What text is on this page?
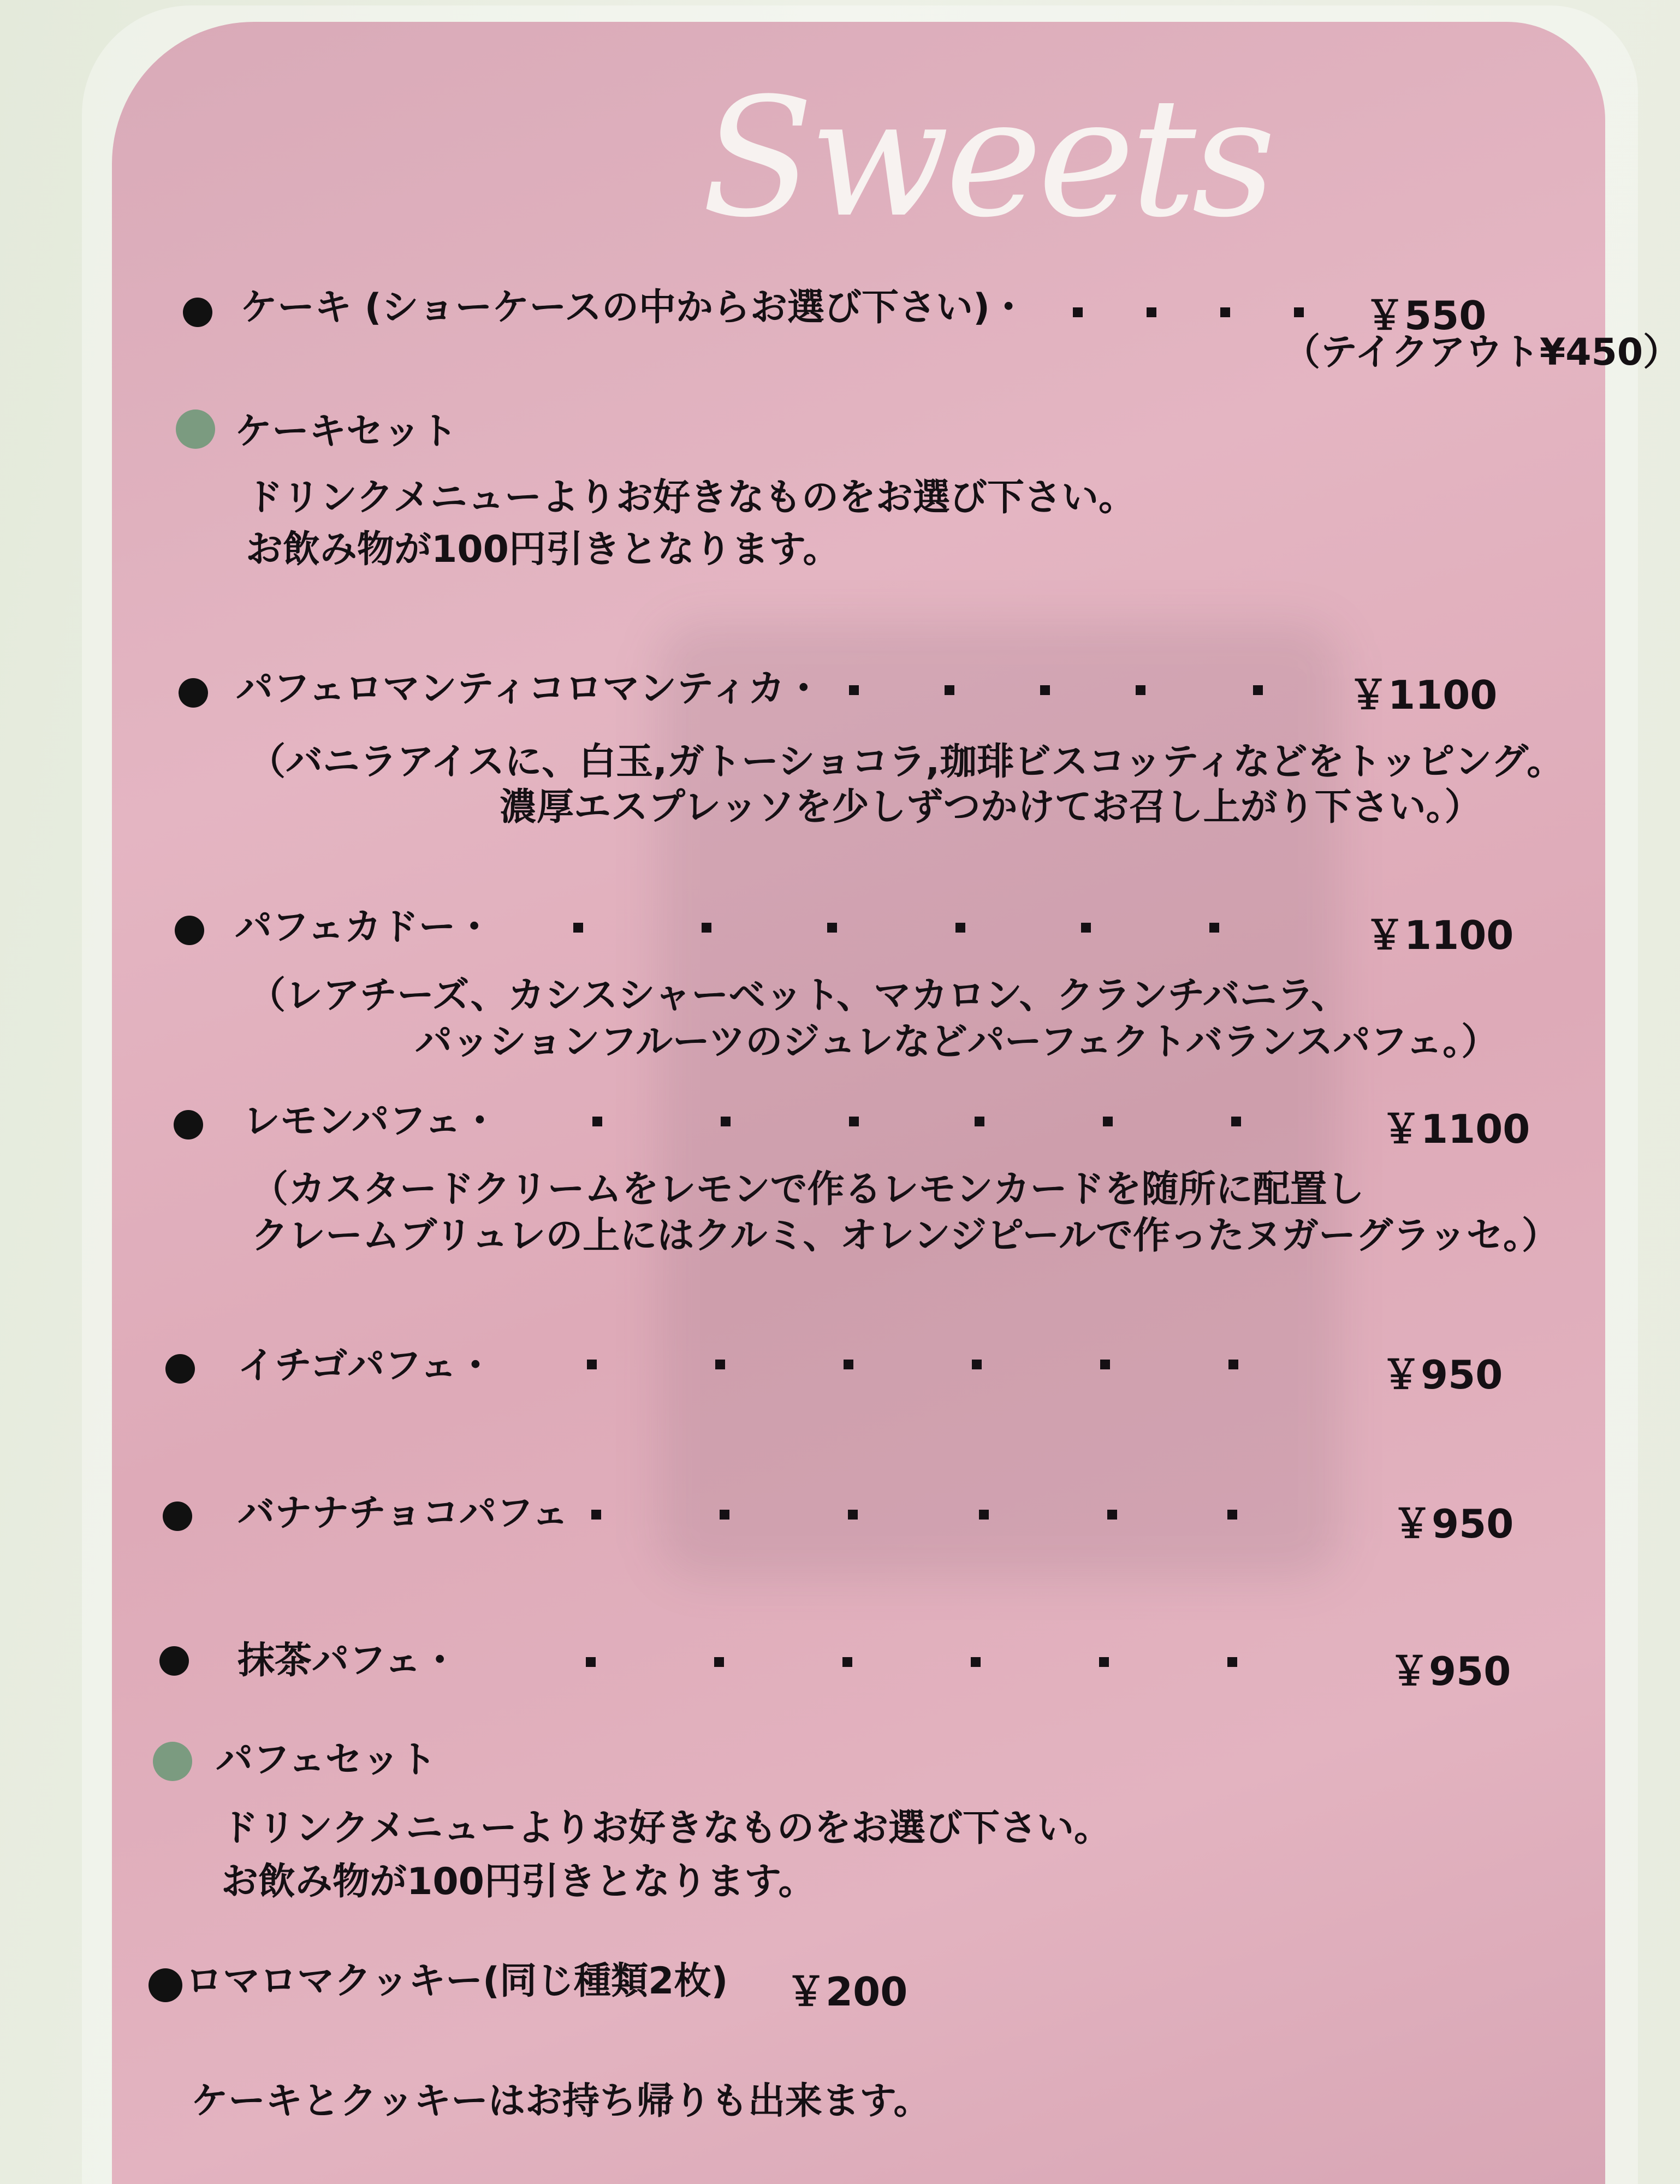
Sweets
ケーキ (ショーケースの中からお選び下さい)・	￥550
（テイクアウト¥450）
ケーキセット
ドリンクメニューよりお好きなものをお選び下さい。
お飲み物が100円引きとなります。
パフェロマンティコロマンティカ・	￥1100
（バニラアイスに、白玉,ガトーショコラ,珈琲ビスコッティなどをトッピング。
濃厚エスプレッソを少しずつかけてお召し上がり下さい。）
パフェカドー・	￥1100
（レアチーズ、カシスシャーベット、マカロン、クランチバニラ、
パッションフルーツのジュレなどパーフェクトバランスパフェ。）
レモンパフェ・	￥1100
（カスタードクリームをレモンで作るレモンカードを随所に配置し
クレームブリュレの上にはクルミ、オレンジピールで作ったヌガーグラッセ。）
イチゴパフェ・	￥950
バナナチョコパフェ	￥950
抹茶パフェ・	￥950
パフェセット
ドリンクメニューよりお好きなものをお選び下さい。
お飲み物が100円引きとなります。
ロマロマクッキー(同じ種類2枚) ￥200
ケーキとクッキーはお持ち帰りも出来ます。
